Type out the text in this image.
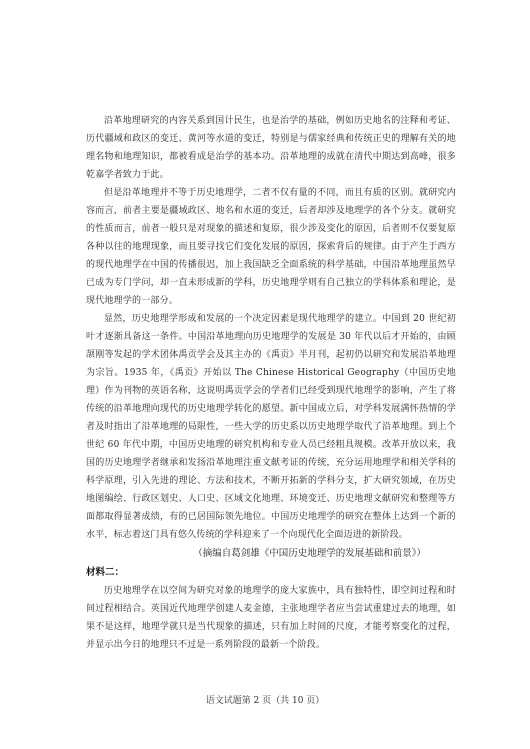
沿革地理研究的内容关系到国计民生，也是治学的基础，例如历史地名的注释和考证、历代疆域和政区的变迁、黄河等水道的变迁，特别是与儒家经典和传统正史的理解有关的地理名物和地理知识，都被看成是治学的基本功。沿革地理的成就在清代中期达到高峰，很多乾嘉学者致力于此。

但是沿革地理并不等于历史地理学，二者不仅有量的不同，而且有质的区别。就研究内容而言，前者主要是疆域政区、地名和水道的变迁，后者却涉及地理学的各个分支。就研究的性质而言，前者一般只是对现象的描述和复原，很少涉及变化的原因，后者则不仅要复原各种以往的地理现象，而且要寻找它们变化发展的原因，探索背后的规律。由于产生于西方的现代地理学在中国的传播很迟，加上我国缺乏全面系统的科学基础，中国沿革地理虽然早已成为专门学问，却一直未形成新的学科，历史地理学则有自己独立的学科体系和理论，是现代地理学的一部分。

显然，历史地理学形成和发展的一个决定因素是现代地理学的建立。中国到 20 世纪初叶才逐渐具备这一条件。中国沿革地理向历史地理学的发展是 30 年代以后才开始的，由顾颉刚等发起的学术团体禹贡学会及其主办的《禹贡》半月刊，起初仍以研究和发展沿革地理为宗旨。1935 年，《禹贡》开始以 The Chinese Historical Geography（中国历史地理）作为刊物的英语名称，这说明禹贡学会的学者们已经受到现代地理学的影响，产生了将传统的沿革地理向现代的历史地理学转化的愿望。新中国成立后，对学科发展满怀热情的学者及时指出了沿革地理的局限性，一些大学的历史系以历史地理学取代了沿革地理。到上个世纪 60 年代中期，中国历史地理的研究机构和专业人员已经粗具规模。改革开放以来，我国的历史地理学者继承和发扬沿革地理注重文献考证的传统，充分运用地理学和相关学科的科学原理，引入先进的理论、方法和技术，不断开拓新的学科分支，扩大研究领域，在历史地图编绘、行政区划史、人口史、区域文化地理、环境变迁、历史地理文献研究和整理等方面都取得显著成绩，有的已居国际领先地位。中国历史地理学的研究在整体上达到一个新的水平，标志着这门具有悠久传统的学科迎来了一个向现代化全面迈进的新阶段。

（摘编自葛剑雄《中国历史地理学的发展基础和前景》）
材料二：

历史地理学在以空间为研究对象的地理学的庞大家族中，具有独特性，即空间过程和时间过程相结合。英国近代地理学创建人麦金德，主张地理学者应当尝试重建过去的地理，如果不是这样，地理学就只是当代现象的描述，只有加上时间的尺度，才能考察变化的过程，并显示出今日的地理只不过是一系列阶段的最新一个阶段。

语文试题第 2 页（共 10 页）
